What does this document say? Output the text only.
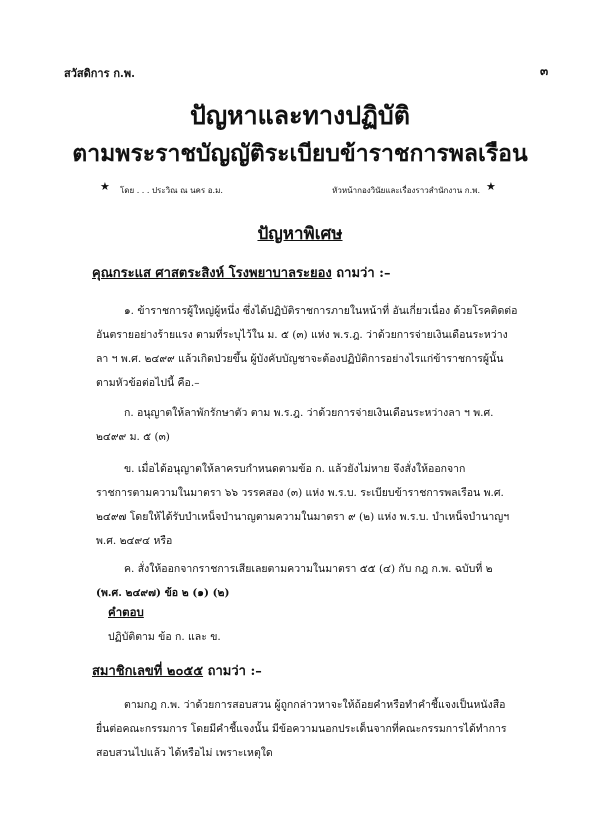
สวัสดิการ ก.พ.	๓
ปัญหาและทางปฏิบัติ
ตามพระราชบัญญัติระเบียบข้าราชการพลเรือน
★ โดย . . . ประวิณ ณ นคร อ.ม.	หัวหน้ากองวินัยและเรื่องราวสำนักงาน ก.พ. ★
ปัญหาพิเศษ
คุณกระแส ศาสตระสิงห์ โรงพยาบาลระยอง ถามว่า :–
๑. ข้าราชการผู้ใหญ่ผู้หนึ่ง ซึ่งได้ปฏิบัติราชการภายในหน้าที่ อันเกี่ยวเนื่อง ด้วยโรคติดต่อ
อันตรายอย่างร้ายแรง ตามที่ระบุไว้ใน ม. ๕ (๓) แห่ง พ.ร.ฎ. ว่าด้วยการจ่ายเงินเดือนระหว่าง
ลา ฯ พ.ศ. ๒๔๙๙ แล้วเกิดป่วยขึ้น ผู้บังคับบัญชาจะต้องปฏิบัติการอย่างไรแก่ข้าราชการผู้นั้น
ตามหัวข้อต่อไปนี้ คือ.–
ก. อนุญาตให้ลาพักรักษาตัว ตาม พ.ร.ฎ. ว่าด้วยการจ่ายเงินเดือนระหว่างลา ฯ พ.ศ.
๒๔๙๙ ม. ๕ (๓)
ข. เมื่อได้อนุญาตให้ลาครบกำหนดตามข้อ ก. แล้วยังไม่หาย จึงสั่งให้ออกจาก
ราชการตามความในมาตรา ๖๖ วรรคสอง (๓) แห่ง พ.ร.บ. ระเบียบข้าราชการพลเรือน พ.ศ.
๒๔๙๗ โดยให้ได้รับบำเหน็จบำนาญตามความในมาตรา ๙ (๒) แห่ง พ.ร.บ. บำเหน็จบำนาญฯ
พ.ศ. ๒๔๙๔ หรือ
ค. สั่งให้ออกจากราชการเสียเลยตามความในมาตรา ๕๕ (๔) กับ กฎ ก.พ. ฉบับที่ ๒
(พ.ศ. ๒๔๙๗) ข้อ ๒ (๑) (๒)
คำตอบ
ปฏิบัติตาม ข้อ ก. และ ข.
สมาชิกเลขที่ ๒๐๕๕ ถามว่า :–
ตามกฎ ก.พ. ว่าด้วยการสอบสวน ผู้ถูกกล่าวหาจะให้ถ้อยคำหรือทำคำชี้แจงเป็นหนังสือ
ยื่นต่อคณะกรรมการ โดยมีคำชี้แจงนั้น มีข้อความนอกประเด็นจากที่คณะกรรมการได้ทำการ
สอบสวนไปแล้ว ได้หรือไม่ เพราะเหตุใด
